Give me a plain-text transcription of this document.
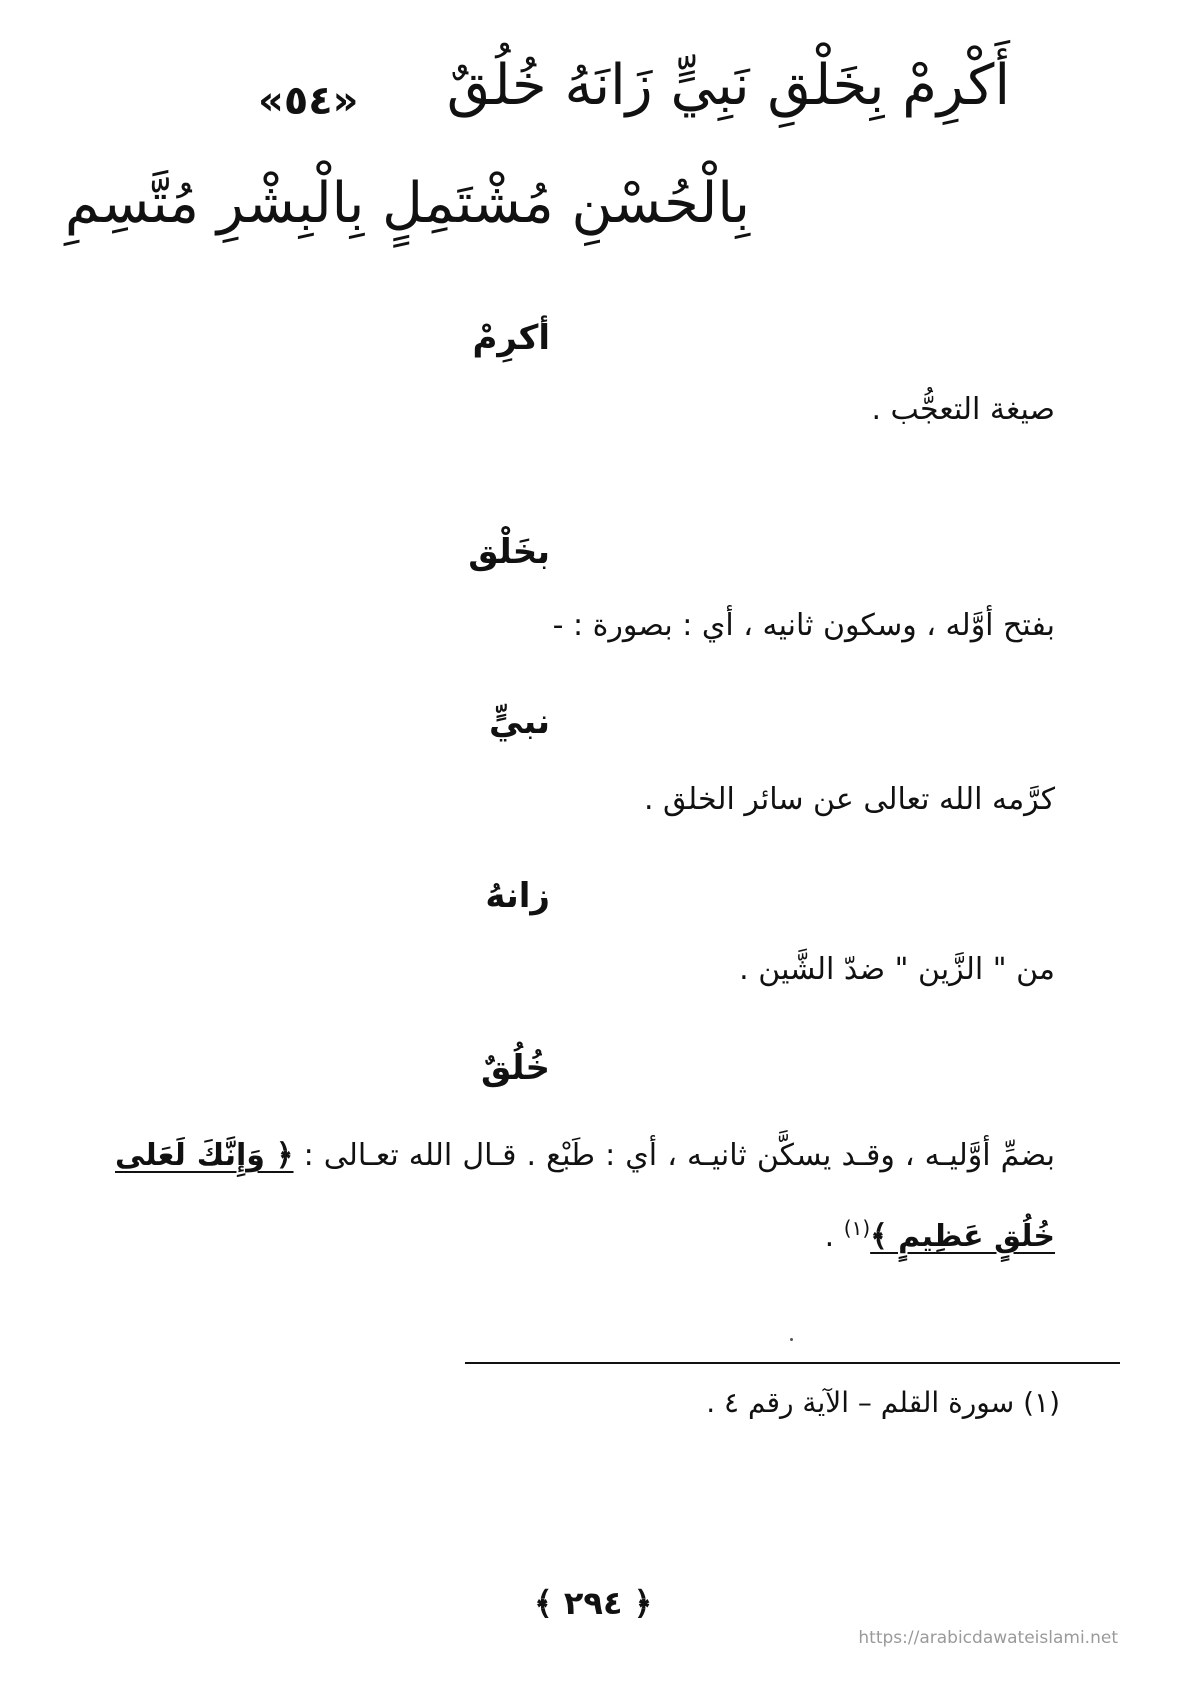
«٥٤» أَكْرِمْ بِخَلْقِ نَبِيٍّ زَانَهُ خُلُقٌ
بِالْحُسْنِ مُشْتَمِلٍ بِالْبِشْرِ مُتَّسِمِ
أكرِمْ
صيغة التعجُّب .
بخَلْق
بفتح أوَّله ، وسكون ثانيه ، أي : بصورة : -
نبيٍّ
كرَّمه الله تعالى عن سائر الخلق .
زانهُ
من " الزَّين " ضدّ الشَّين .
خُلُقٌ
بضمِّ أوَّليـه ، وقـد يسكَّن ثانيـه ، أي : طَبْع . قـال الله تعـالى : ﴿ وَإِنَّكَ لَعَلى خُلُقٍ عَظِيمٍ ﴾$^{(١)}$ .
(١) سورة القلم – الآية رقم ٤ .
﴿ ٢٩٤ ﴾
https://arabicdawateislami.net
